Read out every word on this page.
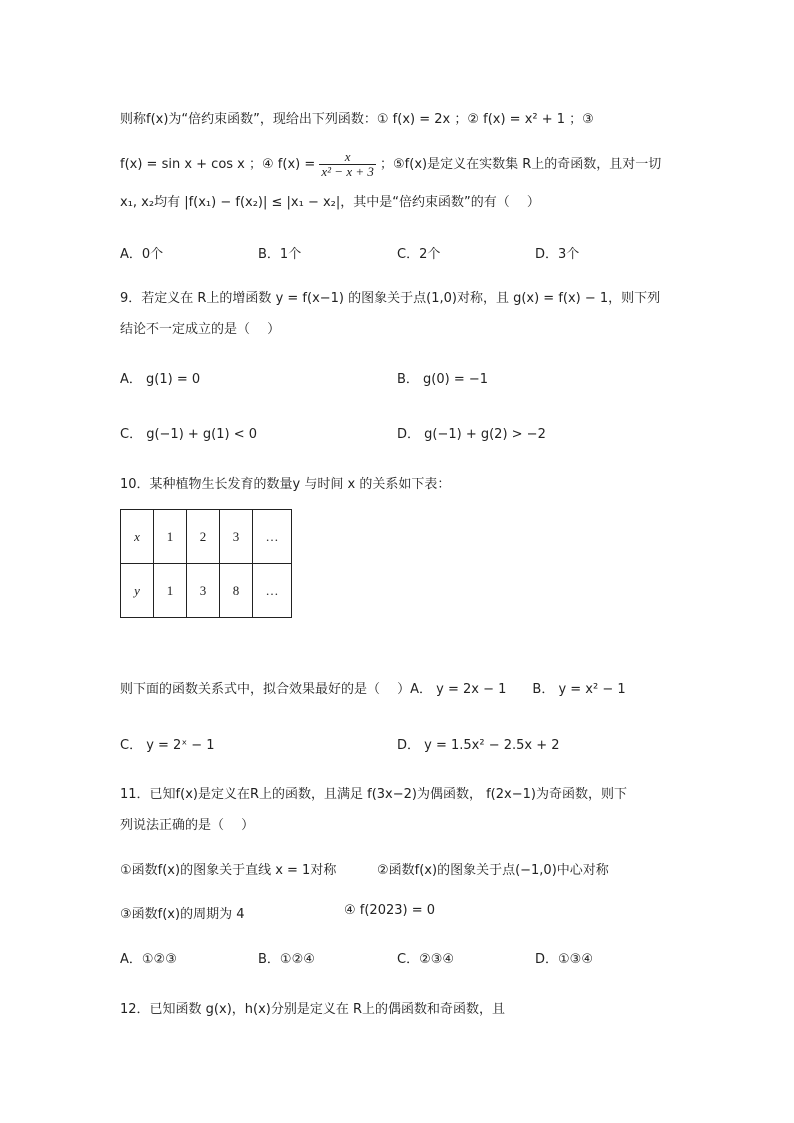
则称f(x)为“倍约束函数”，现给出下列函数：① f(x) = 2x ；② f(x) = x² + 1 ；③
f(x) = sin x + cos x ；④ $f(x) = \frac{x}{\text{x² − x + 3}}$ ；⑤f(x)是定义在实数集 R上的奇函数，且对一切
x₁, x₂均有 |f(x₁) − f(x₂)| ≤ |x₁ − x₂|，其中是“倍约束函数”的有（　 ）
A．0个	B．1个	C．2个	D．3个
9．若定义在 R上的增函数 y = f(x−1) 的图象关于点(1,0)对称，且 g(x) = f(x) − 1，则下列
结论不一定成立的是（　 ）
A． g(1) = 0	B． g(0) = −1
C． g(−1) + g(1) < 0	D． g(−1) + g(2) > −2
10．某种植物生长发育的数量y 与时间 x 的关系如下表：
x	1	2	3	…
y	1	3	8	…
则下面的函数关系式中，拟合效果最好的是（　 ）A． y = 2x − 1　　B． y = x² − 1
C． y = 2ˣ − 1	D． y = 1.5x² − 2.5x + 2
11．已知f(x)是定义在R上的函数，且满足 f(3x−2)为偶函数， f(2x−1)为奇函数，则下
列说法正确的是（　 ）
①函数f(x)的图象关于直线 x = 1对称	②函数f(x)的图象关于点(−1,0)中心对称
③函数f(x)的周期为 4	④ f(2023) = 0
A．①②③	B．①②④	C．②③④	D．①③④
12．已知函数 g(x)，h(x)分别是定义在 R上的偶函数和奇函数，且
